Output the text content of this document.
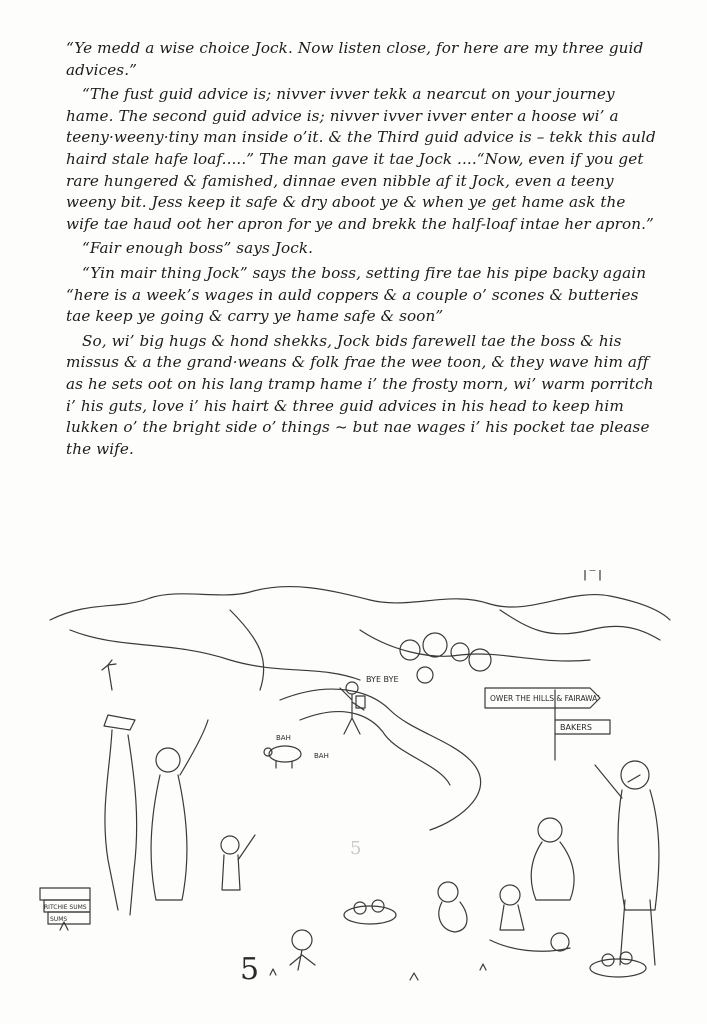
“Ye medd a wise choice Jock. Now listen close, for here are my three guid advices.”

“The fust guid advice is; nivver ivver tekk a nearcut on your journey hame. The second guid advice is; nivver ivver ivver enter a hoose wi’ a teeny·weeny·tiny man inside o’it. & the Third guid advice is – tekk this auld haird stale hafe loaf.....” The man gave it tae Jock ....“Now, even if you get rare hungered & famished, dinnae even nibble af it Jock, even a teeny weeny bit. Jess keep it safe & dry aboot ye & when ye get hame ask the wife tae haud oot her apron for ye and brekk the half-loaf intae her apron.”

“Fair enough boss” says Jock.

“Yin mair thing Jock” says the boss, setting fire tae his pipe backy again “here is a week’s wages in auld coppers & a couple o’ scones & butteries tae keep ye going & carry ye hame safe & soon”

So, wi’ big hugs & hond shekks, Jock bids farewell tae the boss & his missus & a the grand·weans & folk frae the wee toon, & they wave him aff as he sets oot on his lang tramp hame i’ the frosty morn, wi’ warm porritch i’ his guts, love i’ his hairt & three guid advices in his head to keep him lukken o’ the bright side o’ things ~ but nae wages i’ his pocket tae please the wife.

OWER THE HILLS & FAIRAWA’
BAKERS
BYE BYE
BAH
BAH
RITCHIE SUMS
SUMS
5
5
